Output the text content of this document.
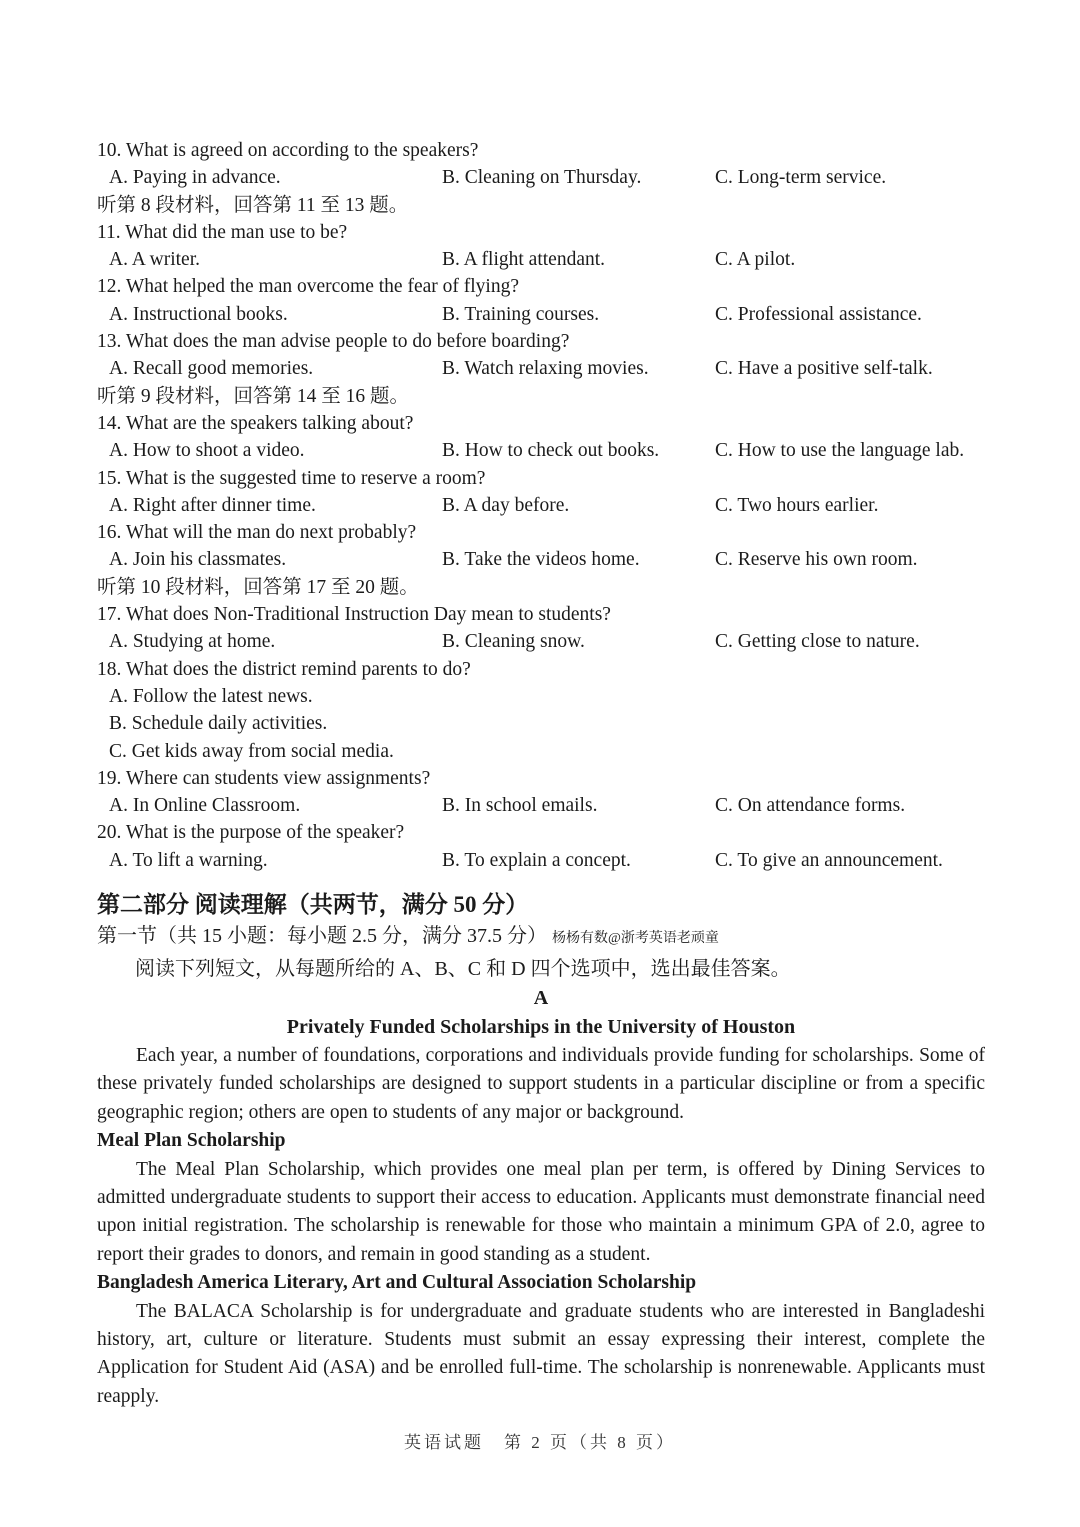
10. What is agreed on according to the speakers?
A. Paying in advance.	B. Cleaning on Thursday.	C. Long-term service.
听第 8 段材料，回答第 11 至 13 题。
11. What did the man use to be?
A. A writer.	B. A flight attendant.	C. A pilot.
12. What helped the man overcome the fear of flying?
A. Instructional books.	B. Training courses.	C. Professional assistance.
13. What does the man advise people to do before boarding?
A. Recall good memories.	B. Watch relaxing movies.	C. Have a positive self-talk.
听第 9 段材料，回答第 14 至 16 题。
14. What are the speakers talking about?
A. How to shoot a video.	B. How to check out books.	C. How to use the language lab.
15. What is the suggested time to reserve a room?
A. Right after dinner time.	B. A day before.	C. Two hours earlier.
16. What will the man do next probably?
A. Join his classmates.	B. Take the videos home.	C. Reserve his own room.
听第 10 段材料，回答第 17 至 20 题。
17. What does Non-Traditional Instruction Day mean to students?
A. Studying at home.	B. Cleaning snow.	C. Getting close to nature.
18. What does the district remind parents to do?
A. Follow the latest news.
B. Schedule daily activities.
C. Get kids away from social media.
19. Where can students view assignments?
A. In Online Classroom.	B. In school emails.	C. On attendance forms.
20. What is the purpose of the speaker?
A. To lift a warning.	B. To explain a concept.	C. To give an announcement.
第二部分 阅读理解（共两节，满分 50 分）
第一节（共 15 小题：每小题 2.5 分，满分 37.5 分） 杨杨有数@浙考英语老顽童
阅读下列短文，从每题所给的 A、B、C 和 D 四个选项中，选出最佳答案。
A
Privately Funded Scholarships in the University of Houston

Each year, a number of foundations, corporations and individuals provide funding for scholarships. Some of these privately funded scholarships are designed to support students in a particular discipline or from a specific geographic region; others are open to students of any major or background.

Meal Plan Scholarship

The Meal Plan Scholarship, which provides one meal plan per term, is offered by Dining Services to admitted undergraduate students to support their access to education. Applicants must demonstrate financial need upon initial registration. The scholarship is renewable for those who maintain a minimum GPA of 2.0, agree to report their grades to donors, and remain in good standing as a student.

Bangladesh America Literary, Art and Cultural Association Scholarship

The BALACA Scholarship is for undergraduate and graduate students who are interested in Bangladeshi history, art, culture or literature. Students must submit an essay expressing their interest, complete the Application for Student Aid (ASA) and be enrolled full-time. The scholarship is nonrenewable. Applicants must reapply.

英语试题　第 2 页（共 8 页）
